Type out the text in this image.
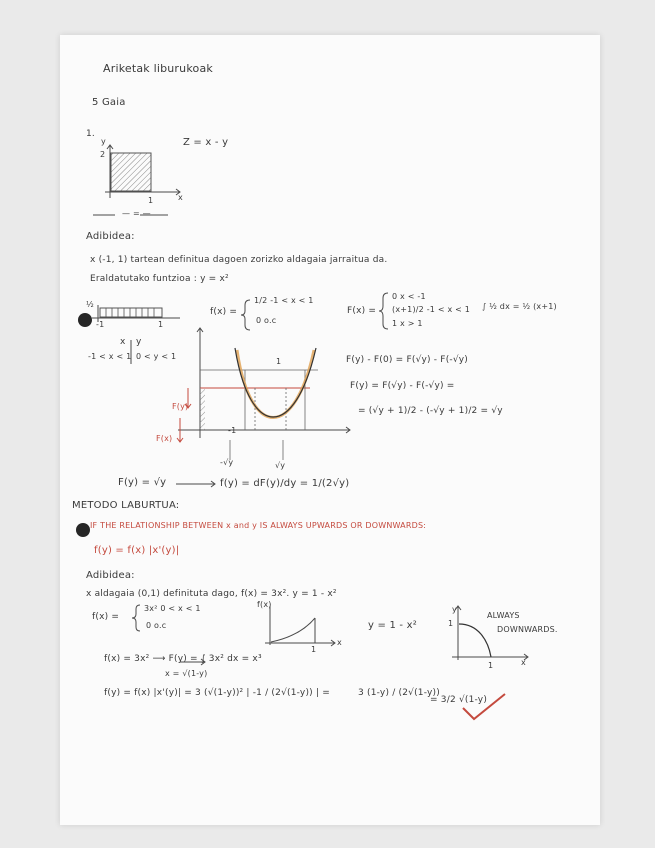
Ariketak liburukoak
5 Gaia
1.
y
2
x
1
Z = x - y
— = —
Adibidea:
x (-1, 1) tartean definitua dagoen zorizko aldagaia jarraitua da.
Eraldatutako funtzioa : y = x²
½
-1	1
f(x) =
1/2 -1 < x < 1
0 o.c
F(x) =
0 x < -1
(x+1)/2 -1 < x < 1
1 x > 1
∫ ½ dx = ½ (x+1)
x y
-1 < x < 1 0 < y < 1	F(y) - F(0) = F(√y) - F(-√y)
F(y) = F(√y) - F(-√y) =
= (√y + 1)/2 - (-√y + 1)/2 = √y
F(y)
F(x)
1
-1
-√y	√y
F(y) = √y	f(y) = dF(y)/dy = 1/(2√y)
METODO LABURTUA:
IF THE RELATIONSHIP BETWEEN x and y IS ALWAYS UPWARDS OR DOWNWARDS:
f(y) = f(x) |x'(y)|
Adibidea:
x aldagaia (0,1) definituta dago, f(x) = 3x². y = 1 - x²
f(x) =
3x² 0 < x < 1
0 o.c
f(x)
x
1
y = 1 - x²
ALWAYS
DOWNWARDS.
y
1
x
1
f(x) = 3x² ⟶ F(y) = ∫ 3x² dx = x³
x = √(1-y)
f(y) = f(x) |x'(y)| = 3 (√(1-y))² | -1 / (2√(1-y)) | =	3 (1-y) / (2√(1-y))
= 3/2 √(1-y)
